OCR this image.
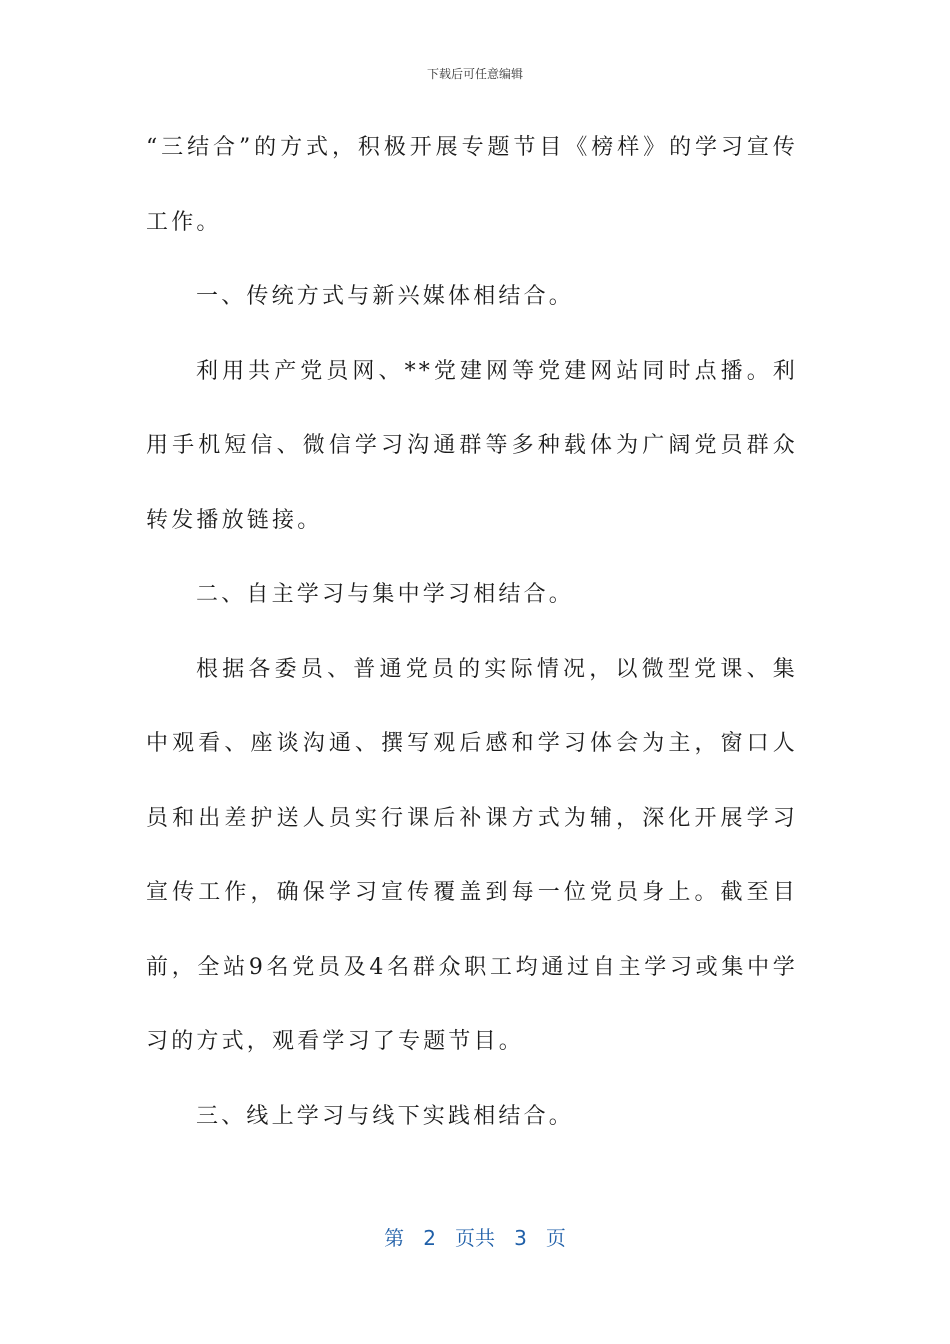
下载后可任意编辑

“三结合”的方式，积极开展专题节目《榜样》的学习宣传工作。

一、传统方式与新兴媒体相结合。

利用共产党员网、**党建网等党建网站同时点播。利用手机短信、微信学习沟通群等多种载体为广阔党员群众转发播放链接。

二、自主学习与集中学习相结合。

根据各委员、普通党员的实际情况，以微型党课、集中观看、座谈沟通、撰写观后感和学习体会为主，窗口人员和出差护送人员实行课后补课方式为辅，深化开展学习宣传工作，确保学习宣传覆盖到每一位党员身上。截至目前，全站9名党员及4名群众职工均通过自主学习或集中学习的方式，观看学习了专题节目。

三、线上学习与线下实践相结合。

第 2 页共 3 页
